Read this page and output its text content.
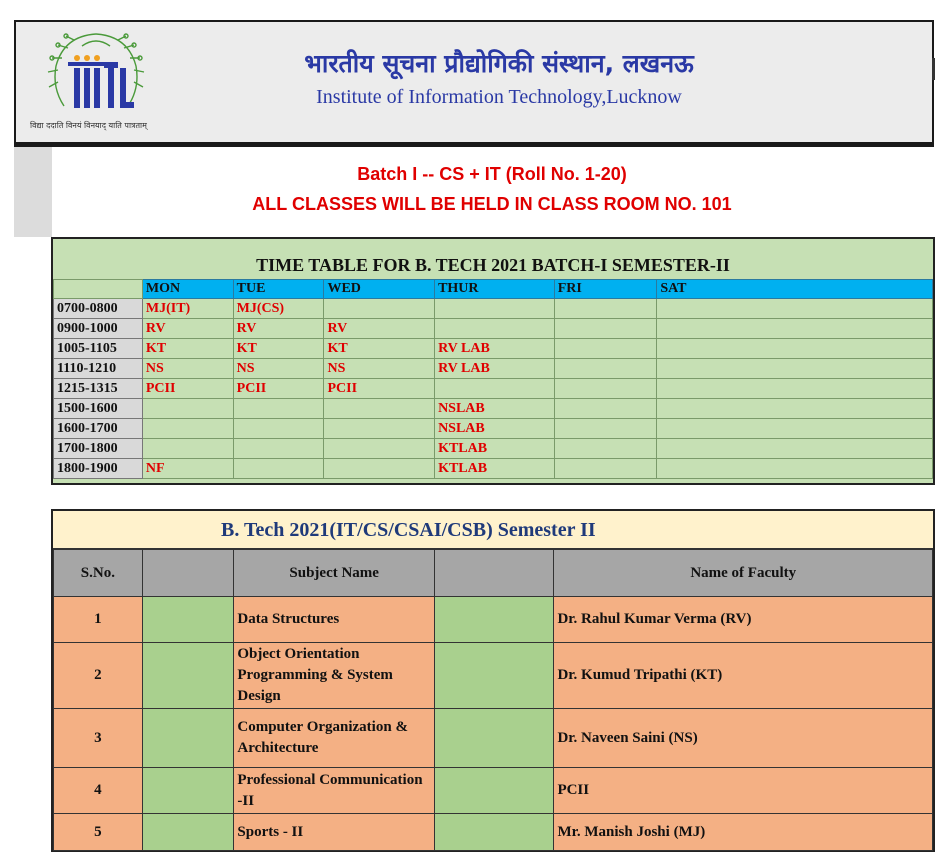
विद्या ददाति विनयं विनयाद् याति पात्रताम्
भारतीय सूचना प्रौद्योगिकी संस्थान, लखनऊ
Institute of Information Technology,Lucknow
Batch I -- CS + IT (Roll No. 1-20)
ALL CLASSES WILL BE HELD IN CLASS ROOM NO. 101
TIME TABLE FOR B. TECH 2021 BATCH-I SEMESTER-II
	MON	TUE	WED	THUR	FRI	SAT
0700-0800	MJ(IT)	MJ(CS)				
0900-1000	RV	RV	RV			
1005-1105	KT	KT	KT	RV LAB		
1110-1210	NS	NS	NS	RV LAB		
1215-1315	PCII	PCII	PCII			
1500-1600				NSLAB		
1600-1700				NSLAB		
1700-1800				KTLAB		
1800-1900	NF			KTLAB		
B. Tech 2021(IT/CS/CSAI/CSB) Semester II
S.No.		Subject Name		Name of Faculty
1		Data Structures		Dr. Rahul Kumar Verma (RV)
2		Object Orientation Programming & System Design		Dr. Kumud Tripathi (KT)
3		Computer Organization & Architecture		Dr. Naveen Saini (NS)
4		Professional Communication -II		PCII
5		Sports - II		Mr. Manish Joshi (MJ)
